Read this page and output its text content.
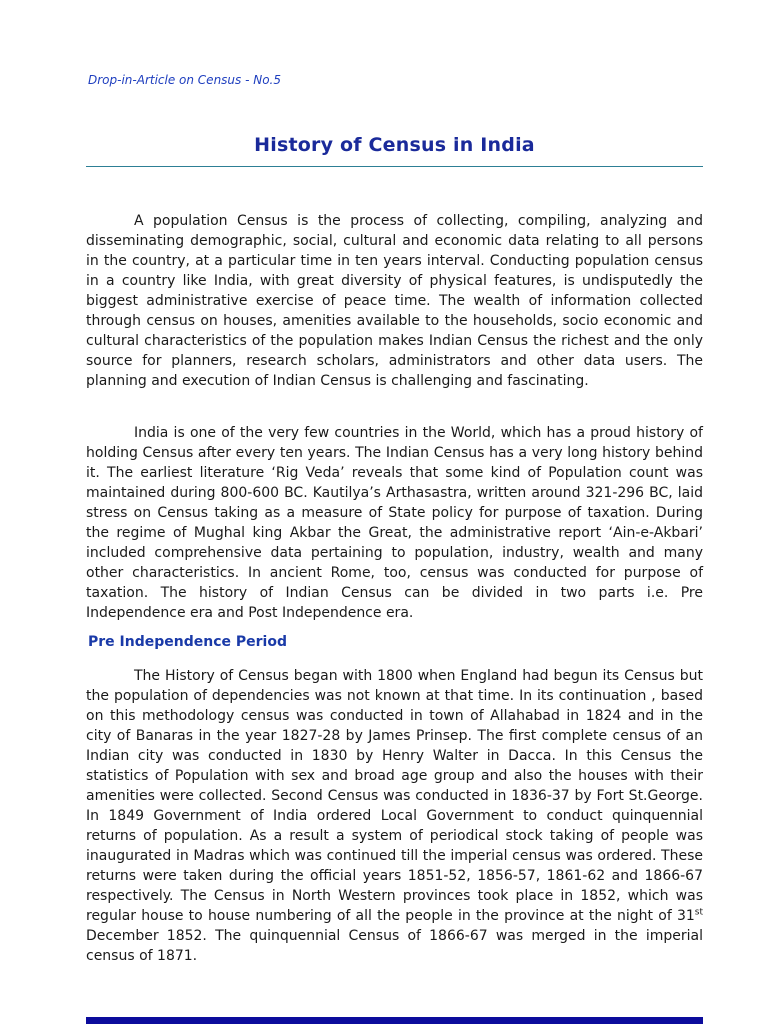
Drop-in-Article on Census - No.5
History of Census in India

A population Census is the process of collecting, compiling, analyzing and disseminating demographic, social, cultural and economic data relating to all persons in the country, at a particular time in ten years interval. Conducting population census in a country like India, with great diversity of physical features, is undisputedly the biggest administrative exercise of peace time. The wealth of information collected through census on houses, amenities available to the households, socio economic and cultural characteristics of the population makes Indian Census the richest and the only source for planners, research scholars, administrators and other data users. The planning and execution of Indian Census is challenging and fascinating.

India is one of the very few countries in the World, which has a proud history of holding Census after every ten years. The Indian Census has a very long history behind it. The earliest literature ‘Rig Veda’ reveals that some kind of Population count was maintained during 800-600 BC. Kautilya’s Arthasastra, written around 321-296 BC, laid stress on Census taking as a measure of State policy for purpose of taxation. During the regime of Mughal king Akbar the Great, the administrative report ‘Ain-e-Akbari’ included comprehensive data pertaining to population, industry, wealth and many other characteristics. In ancient Rome, too, census was conducted for purpose of taxation. The history of Indian Census can be divided in two parts i.e. Pre Independence era and Post Independence era.

Pre Independence Period

The History of Census began with 1800 when England had begun its Census but the population of dependencies was not known at that time. In its continuation , based on this methodology census was conducted in town of Allahabad in 1824 and in the city of Banaras in the year 1827-28 by James Prinsep. The first complete census of an Indian city was conducted in 1830 by Henry Walter in Dacca. In this Census the statistics of Population with sex and broad age group and also the houses with their amenities were collected. Second Census was conducted in 1836-37 by Fort St.George. In 1849 Government of India ordered Local Government to conduct quinquennial returns of population. As a result a system of periodical stock taking of people was inaugurated in Madras which was continued till the imperial census was ordered. These returns were taken during the official years 1851-52, 1856-57, 1861-62 and 1866-67 respectively. The Census in North Western provinces took place in 1852, which was regular house to house numbering of all the people in the province at the night of 31st December 1852. The quinquennial Census of 1866-67 was merged in the imperial census of 1871.
